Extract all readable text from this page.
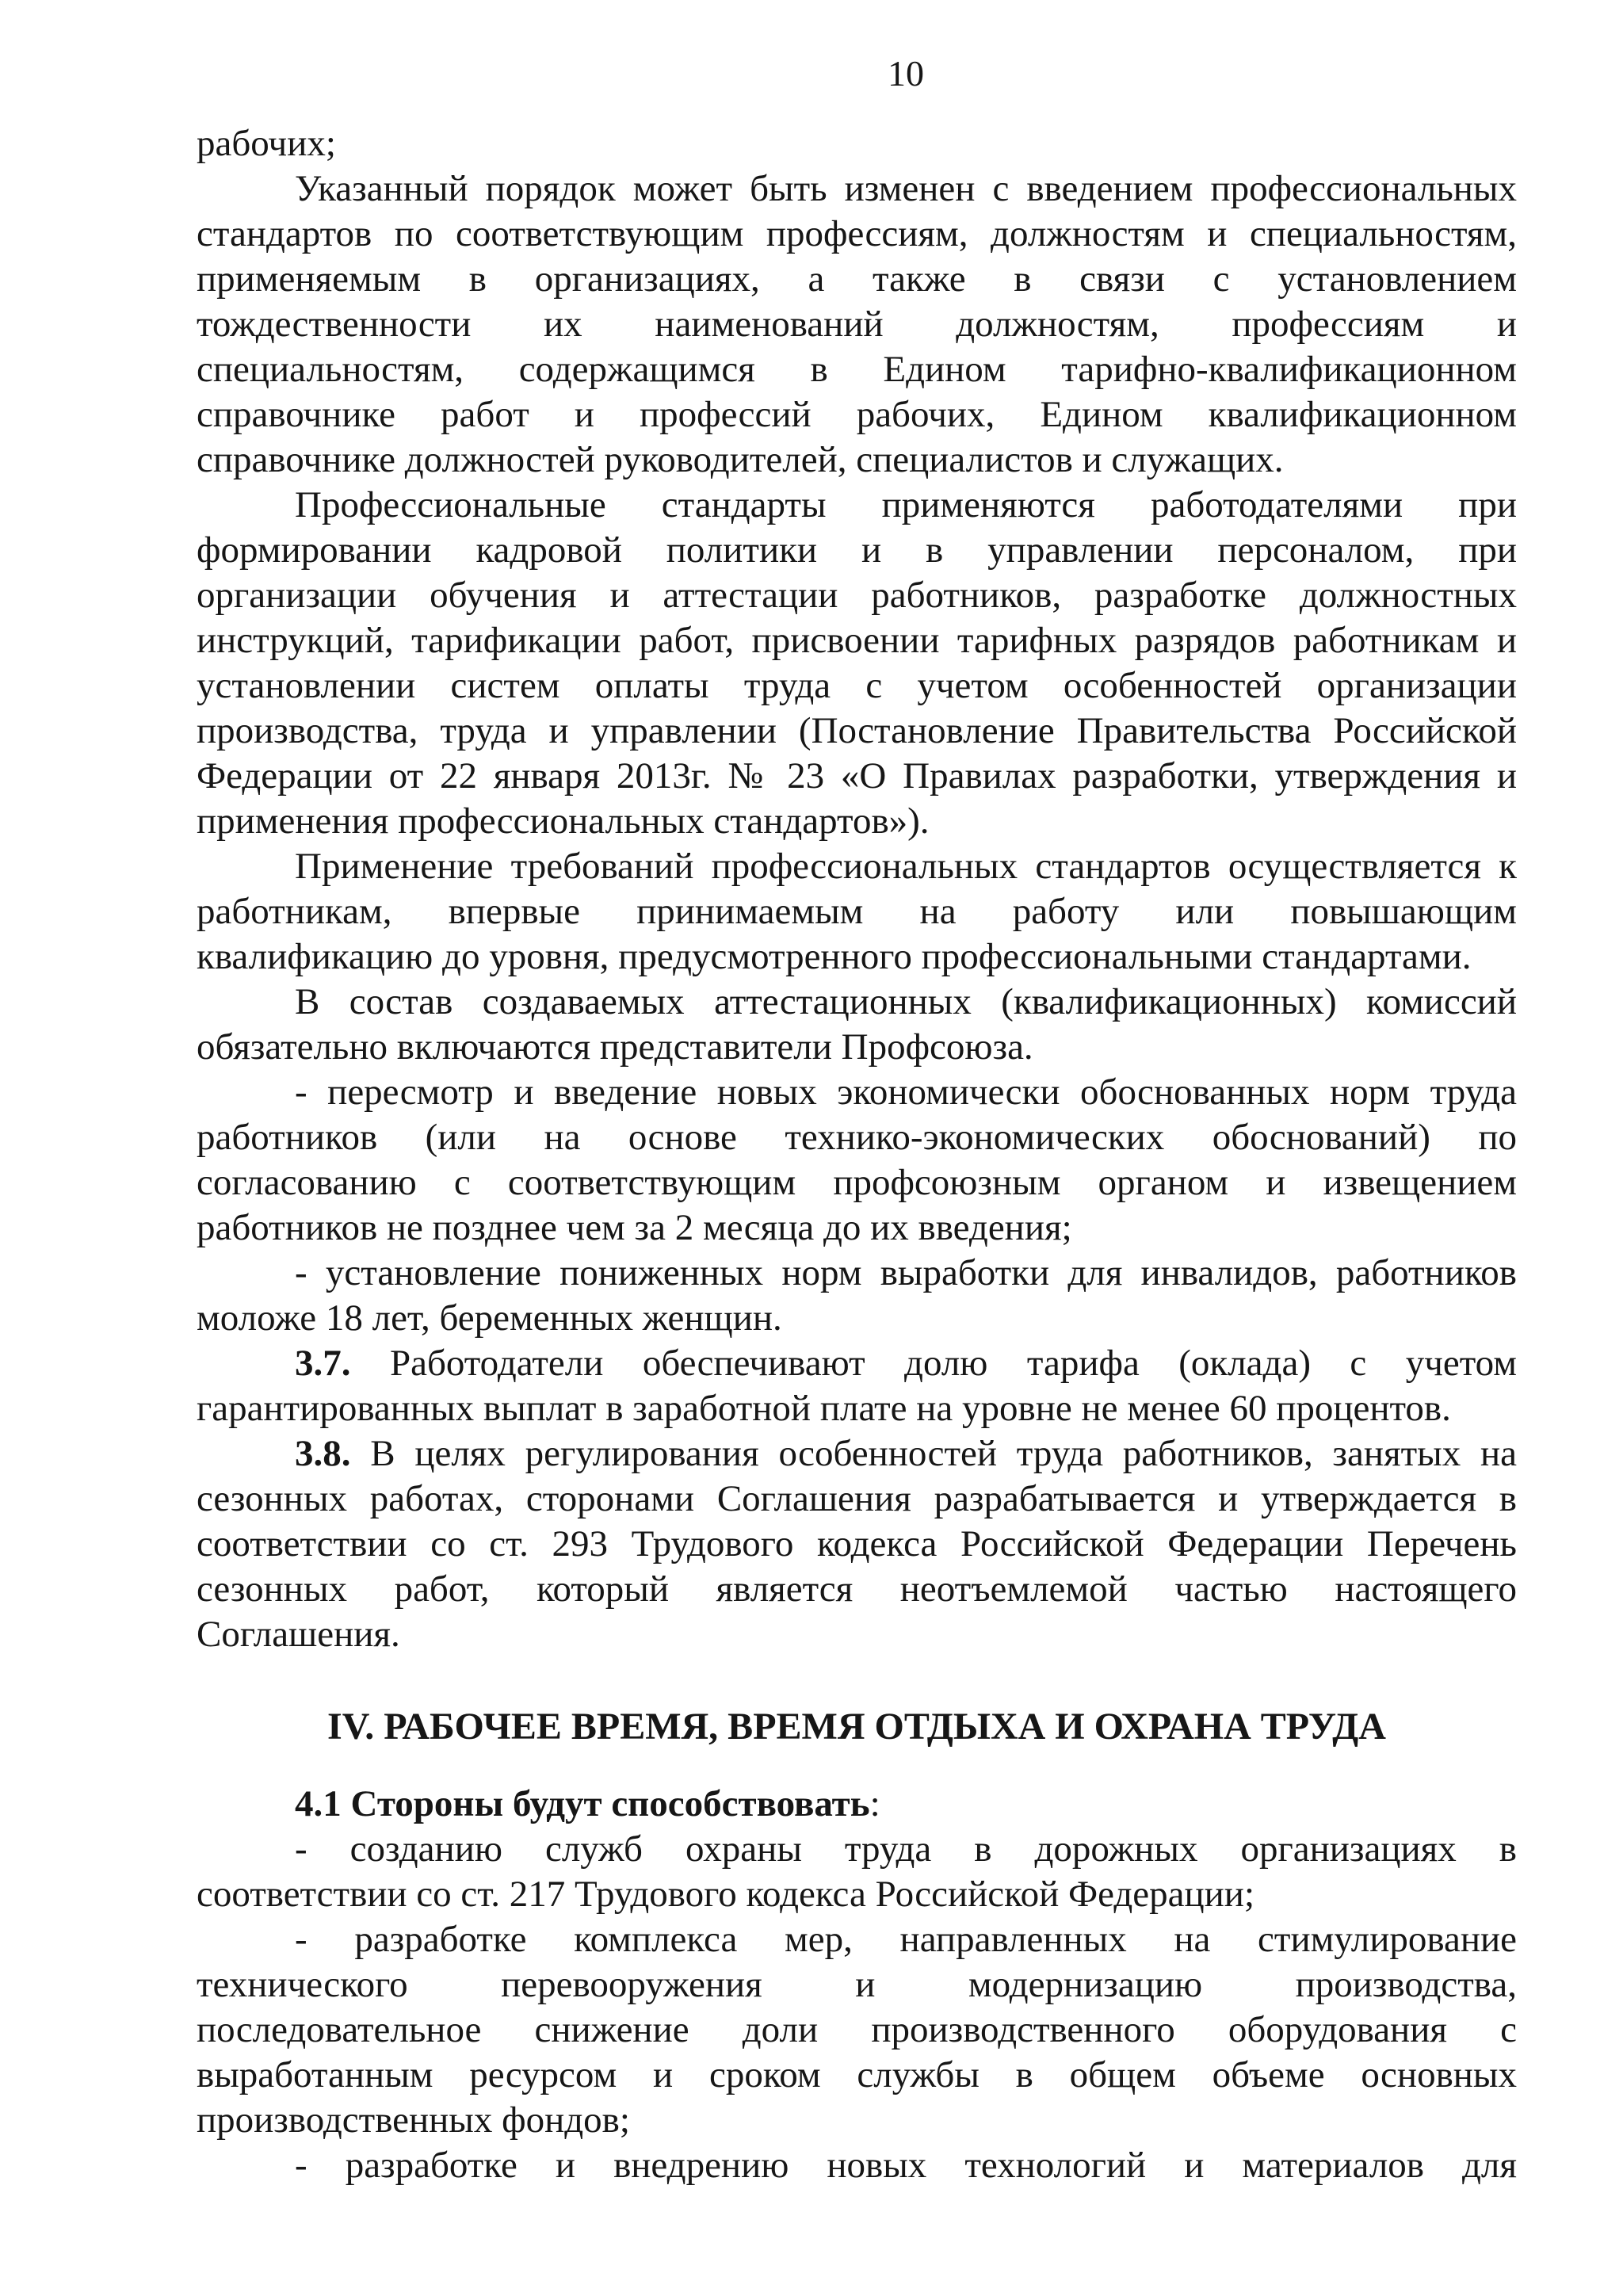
10
рабочих;
Указанный порядок может быть изменен с введением профессиональных
стандартов по соответствующим профессиям, должностям и специальностям,
применяемым в организациях, а также в связи с установлением
тождественности их наименований должностям, профессиям и
специальностям, содержащимся в Едином тарифно-квалификационном
справочнике работ и профессий рабочих, Едином квалификационном
справочнике должностей руководителей, специалистов и служащих.
Профессиональные стандарты применяются работодателями при
формировании кадровой политики и в управлении персоналом, при
организации обучения и аттестации работников, разработке должностных
инструкций, тарификации работ, присвоении тарифных разрядов работникам и
установлении систем оплаты труда с учетом особенностей организации
производства, труда и управлении (Постановление Правительства Российской
Федерации от 22 января 2013г. № 23 «О Правилах разработки, утверждения и
применения профессиональных стандартов»).
Применение требований профессиональных стандартов осуществляется к
работникам, впервые принимаемым на работу или повышающим
квалификацию до уровня, предусмотренного профессиональными стандартами.
В состав создаваемых аттестационных (квалификационных) комиссий
обязательно включаются представители Профсоюза.
- пересмотр и введение новых экономически обоснованных норм труда
работников (или на основе технико-экономических обоснований) по
согласованию с соответствующим профсоюзным органом и извещением
работников не позднее чем за 2 месяца до их введения;
- установление пониженных норм выработки для инвалидов, работников
моложе 18 лет, беременных женщин.
3.7. Работодатели обеспечивают долю тарифа (оклада) с учетом
гарантированных выплат в заработной плате на уровне не менее 60 процентов.
3.8. В целях регулирования особенностей труда работников, занятых на
сезонных работах, сторонами Соглашения разрабатывается и утверждается в
соответствии со ст. 293 Трудового кодекса Российской Федерации Перечень
сезонных работ, который является неотъемлемой частью настоящего
Соглашения.
IV. РАБОЧЕЕ ВРЕМЯ, ВРЕМЯ ОТДЫХА И ОХРАНА ТРУДА
4.1 Стороны будут способствовать:
- созданию служб охраны труда в дорожных организациях в
соответствии со ст. 217 Трудового кодекса Российской Федерации;
- разработке комплекса мер, направленных на стимулирование
технического перевооружения и модернизацию производства,
последовательное снижение доли производственного оборудования с
выработанным ресурсом и сроком службы в общем объеме основных
производственных фондов;
- разработке и внедрению новых технологий и материалов для
